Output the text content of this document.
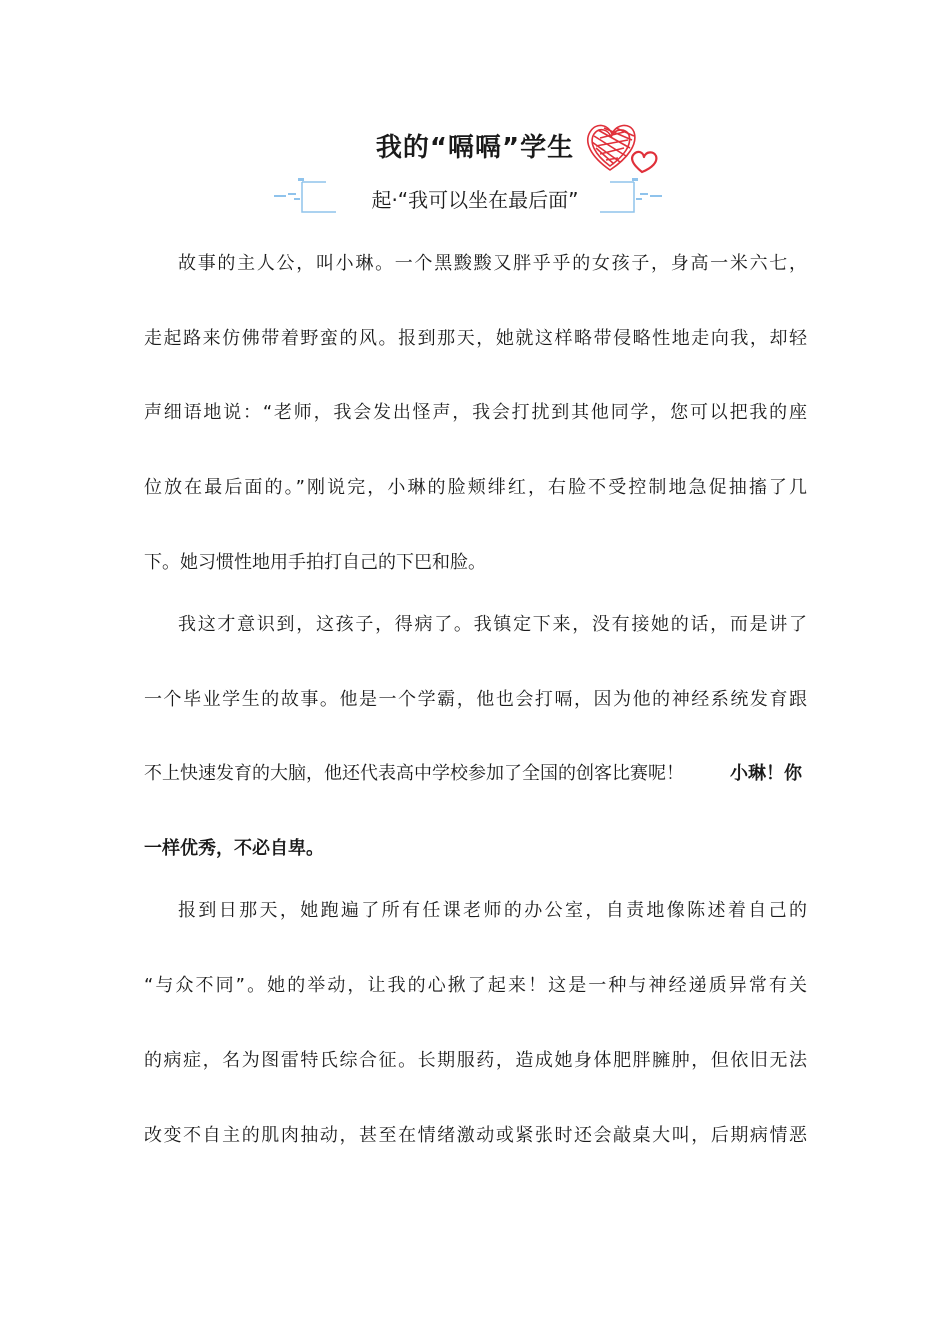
我的“嗝嗝”学生
起·“我可以坐在最后面”
故事的主人公，叫小琳。一个黑黢黢又胖乎乎的女孩子，身高一米六七，
走起路来仿佛带着野蛮的风。报到那天，她就这样略带侵略性地走向我，却轻
声细语地说：“老师，我会发出怪声，我会打扰到其他同学，您可以把我的座
位放在最后面的。”刚说完，小琳的脸颊绯红，右脸不受控制地急促抽搐了几
下。她习惯性地用手拍打自己的下巴和脸。
我这才意识到，这孩子，得病了。我镇定下来，没有接她的话，而是讲了
一个毕业学生的故事。他是一个学霸，他也会打嗝，因为他的神经系统发育跟
不上快速发育的大脑，他还代表高中学校参加了全国的创客比赛呢！	小琳！你
一样优秀，不必自卑。
报到日那天，她跑遍了所有任课老师的办公室，自责地像陈述着自己的
“与众不同”。她的举动，让我的心揪了起来！这是一种与神经递质异常有关
的病症，名为图雷特氏综合征。长期服药，造成她身体肥胖臃肿，但依旧无法
改变不自主的肌肉抽动，甚至在情绪激动或紧张时还会敲桌大叫，后期病情恶
